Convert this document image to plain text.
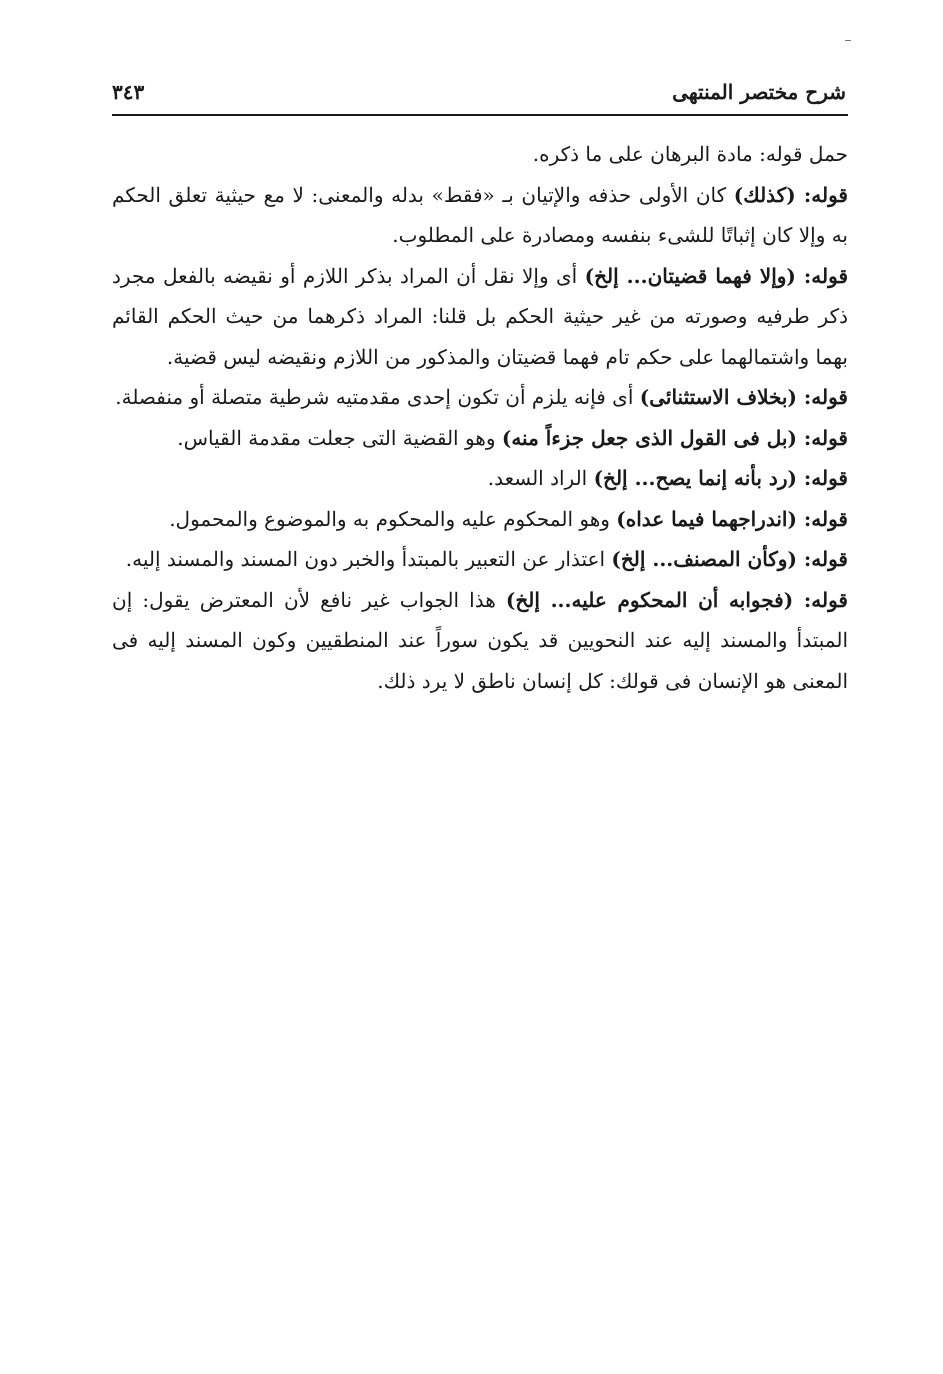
شرح مختصر المنتهى
٣٤٣

حمل قوله: مادة البرهان على ما ذكره.

قوله: (كذلك) كان الأولى حذفه والإتيان بـ «فقط» بدله والمعنى: لا مع حيثية تعلق الحكم به وإلا كان إثباتًا للشىء بنفسه ومصادرة على المطلوب.

قوله: (وإلا فهما قضيتان... إلخ) أى وإلا نقل أن المراد بذكر اللازم أو نقيضه بالفعل مجرد ذكر طرفيه وصورته من غير حيثية الحكم بل قلنا: المراد ذكرهما من حيث الحكم القائم بهما واشتمالهما على حكم تام فهما قضيتان والمذكور من اللازم ونقيضه ليس قضية.

قوله: (بخلاف الاستثنائى) أى فإنه يلزم أن تكون إحدى مقدمتيه شرطية متصلة أو منفصلة.

قوله: (بل فى القول الذى جعل جزءاً منه) وهو القضية التى جعلت مقدمة القياس.

قوله: (رد بأنه إنما يصح... إلخ) الراد السعد.

قوله: (اندراجهما فيما عداه) وهو المحكوم عليه والمحكوم به والموضوع والمحمول.

قوله: (وكأن المصنف... إلخ) اعتذار عن التعبير بالمبتدأ والخبر دون المسند والمسند إليه.

قوله: (فجوابه أن المحكوم عليه... إلخ) هذا الجواب غير نافع لأن المعترض يقول: إن المبتدأ والمسند إليه عند النحويين قد يكون سوراً عند المنطقيين وكون المسند إليه فى المعنى هو الإنسان فى قولك: كل إنسان ناطق لا يرد ذلك.
